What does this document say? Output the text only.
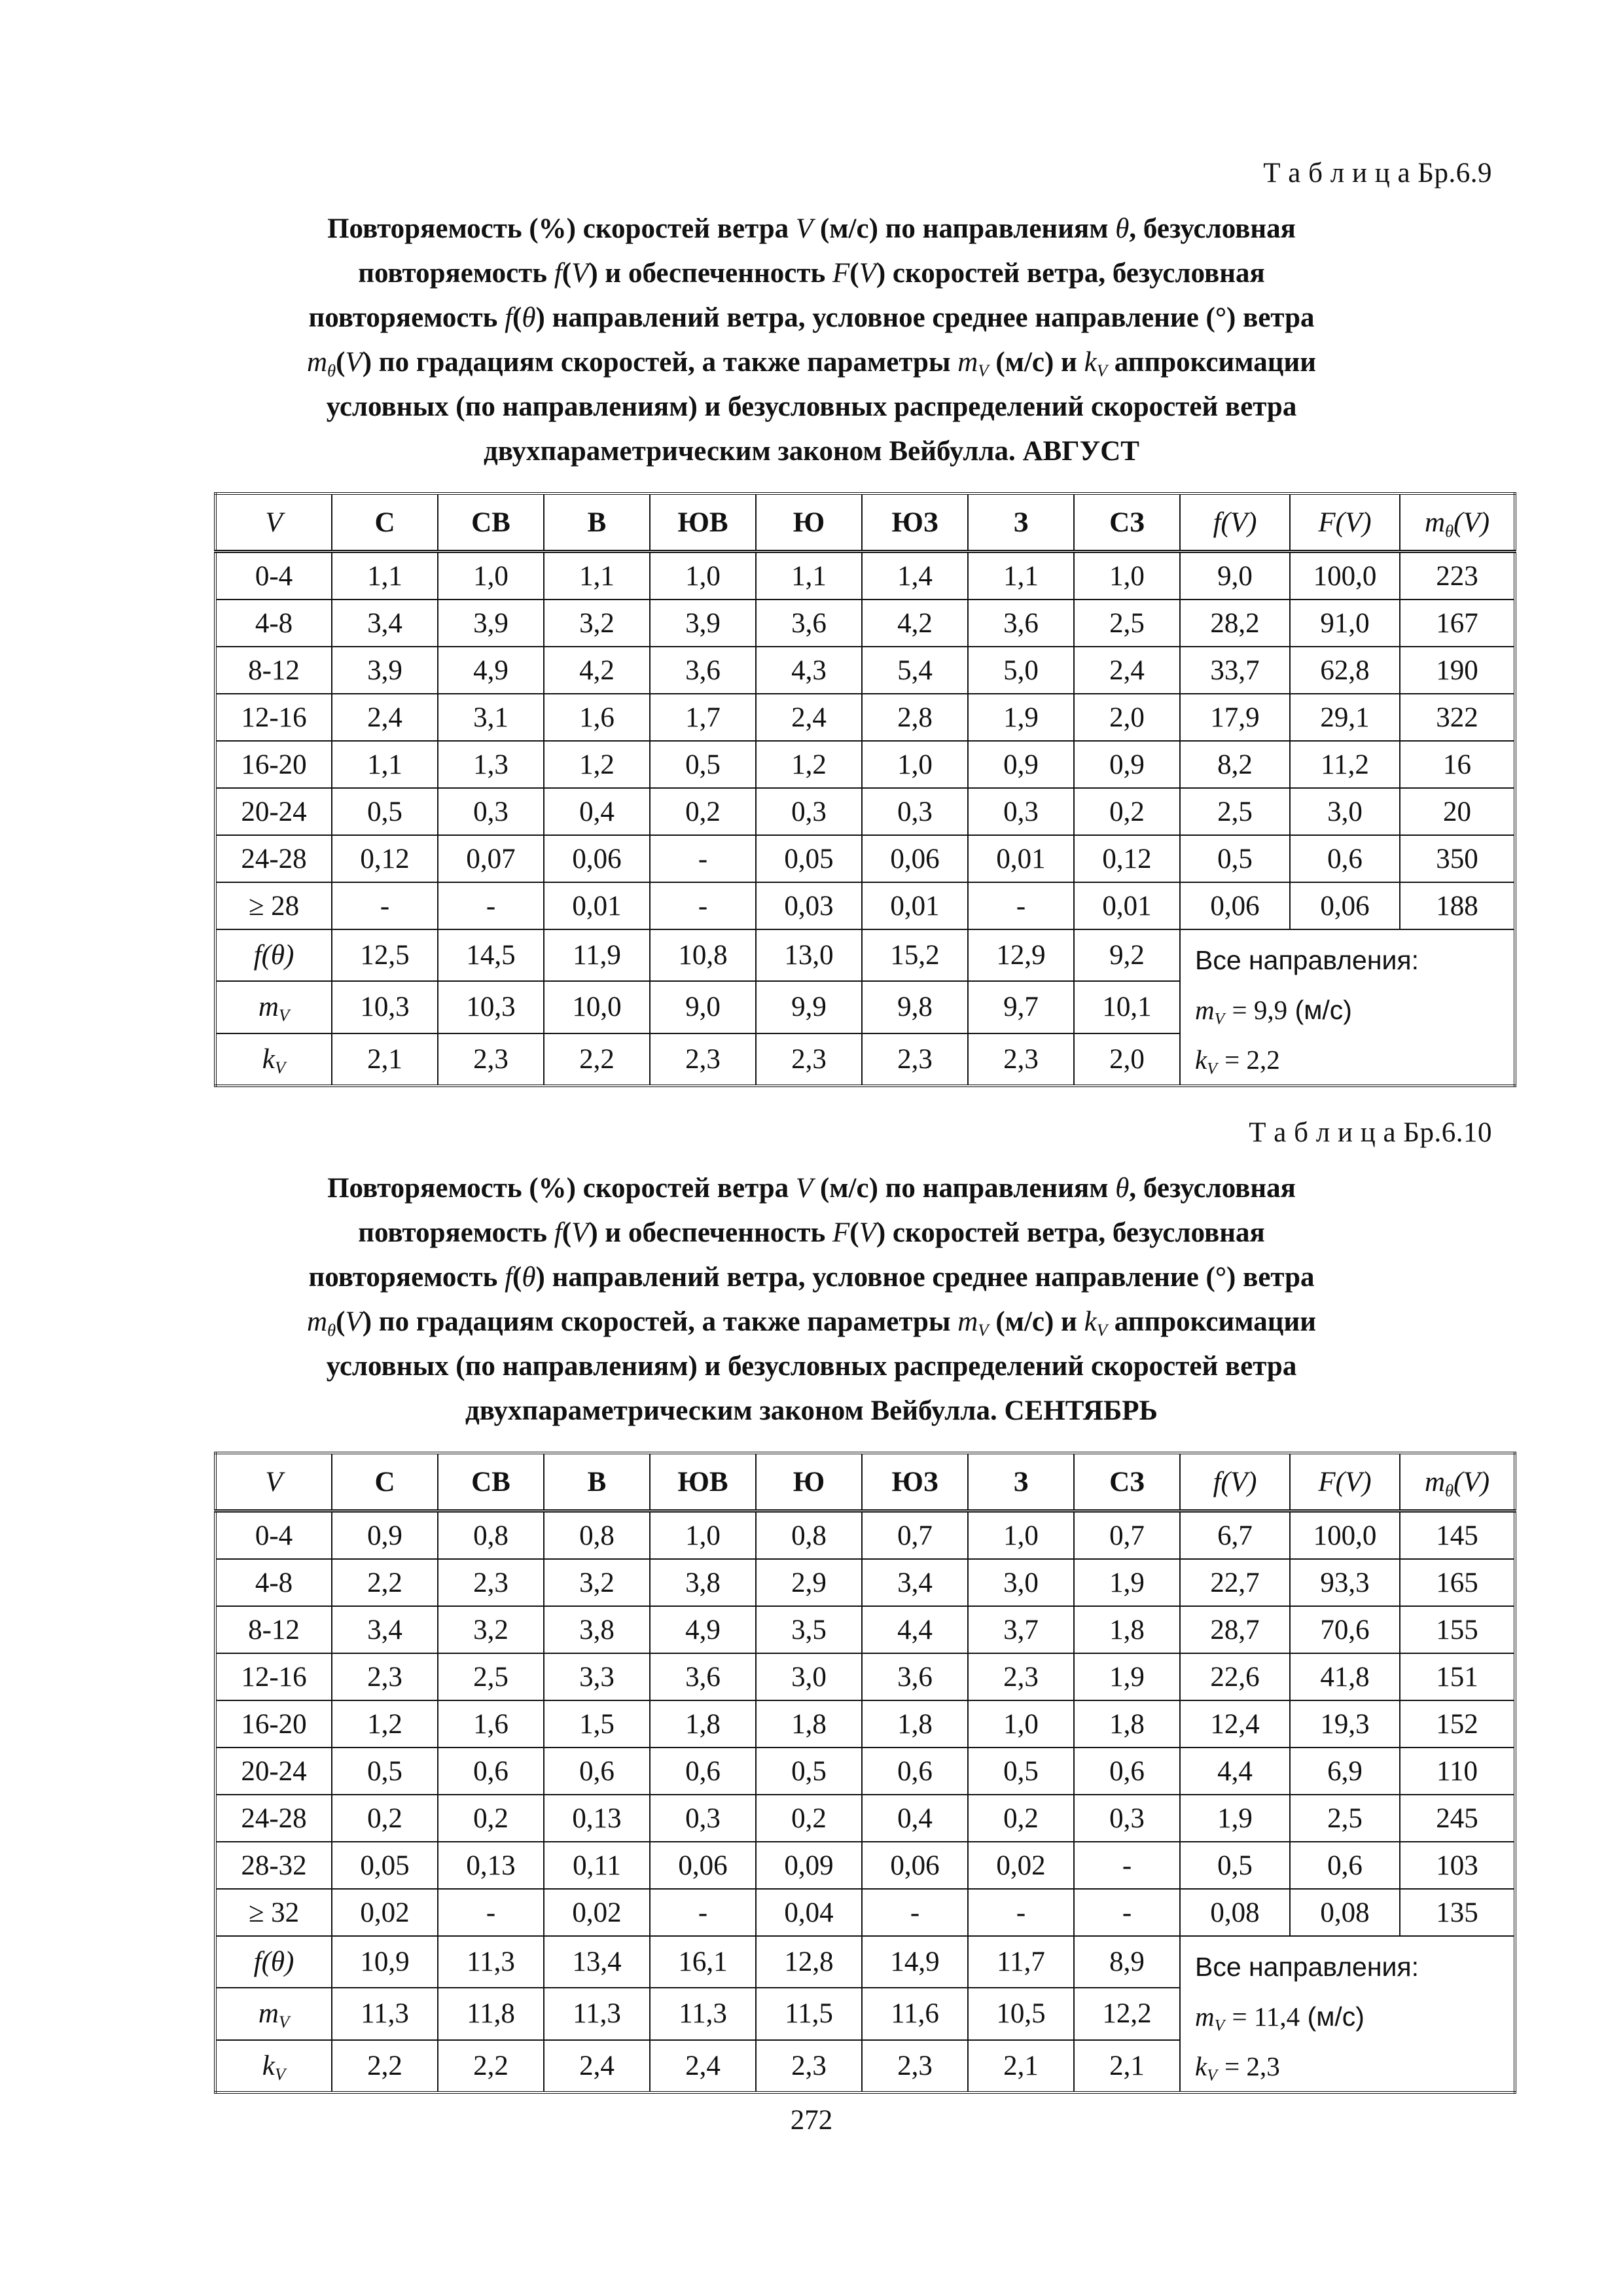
Т а б л и ц а Бр.6.9
Повторяемость (%) скоростей ветра V (м/с) по направлениям θ, безусловная
повторяемость f(V) и обеспеченность F(V) скоростей ветра, безусловная
повторяемость f(θ) направлений ветра, условное среднее направление (°) ветра
$m_\theta(V)$ по градациям скоростей, а также параметры $m_V$ (м/с) и $k_V$ аппроксимации
условных (по направлениям) и безусловных распределений скоростей ветра
двухпараметрическим законом Вейбулла. АВГУСТ
V	С	СВ	В	ЮВ	Ю	ЮЗ	З	СЗ	f(V)	F(V)	$m_\theta(V)$
0-4	1,1	1,0	1,1	1,0	1,1	1,4	1,1	1,0	9,0	100,0	223
4-8	3,4	3,9	3,2	3,9	3,6	4,2	3,6	2,5	28,2	91,0	167
8-12	3,9	4,9	4,2	3,6	4,3	5,4	5,0	2,4	33,7	62,8	190
12-16	2,4	3,1	1,6	1,7	2,4	2,8	1,9	2,0	17,9	29,1	322
16-20	1,1	1,3	1,2	0,5	1,2	1,0	0,9	0,9	8,2	11,2	16
20-24	0,5	0,3	0,4	0,2	0,3	0,3	0,3	0,2	2,5	3,0	20
24-28	0,12	0,07	0,06	-	0,05	0,06	0,01	0,12	0,5	0,6	350
≥ 28	-	-	0,01	-	0,03	0,01	-	0,01	0,06	0,06	188
f(θ)	12,5	14,5	11,9	10,8	13,0	15,2	12,9	9,2	Все направления:
$m_V = 9,9$ (м/с)
$k_V = 2,2$		

$m_V$	10,3	10,3	10,0	9,0	9,9	9,8	9,7	10,1			
$k_V$	2,1	2,3	2,2	2,3	2,3	2,3	2,3	2,0			
Т а б л и ц а Бр.6.10
Повторяемость (%) скоростей ветра V (м/с) по направлениям θ, безусловная
повторяемость f(V) и обеспеченность F(V) скоростей ветра, безусловная
повторяемость f(θ) направлений ветра, условное среднее направление (°) ветра
$m_\theta(V)$ по градациям скоростей, а также параметры $m_V$ (м/с) и $k_V$ аппроксимации
условных (по направлениям) и безусловных распределений скоростей ветра
двухпараметрическим законом Вейбулла. СЕНТЯБРЬ
V	С	СВ	В	ЮВ	Ю	ЮЗ	З	СЗ	f(V)	F(V)	$m_\theta(V)$
0-4	0,9	0,8	0,8	1,0	0,8	0,7	1,0	0,7	6,7	100,0	145
4-8	2,2	2,3	3,2	3,8	2,9	3,4	3,0	1,9	22,7	93,3	165
8-12	3,4	3,2	3,8	4,9	3,5	4,4	3,7	1,8	28,7	70,6	155
12-16	2,3	2,5	3,3	3,6	3,0	3,6	2,3	1,9	22,6	41,8	151
16-20	1,2	1,6	1,5	1,8	1,8	1,8	1,0	1,8	12,4	19,3	152
20-24	0,5	0,6	0,6	0,6	0,5	0,6	0,5	0,6	4,4	6,9	110
24-28	0,2	0,2	0,13	0,3	0,2	0,4	0,2	0,3	1,9	2,5	245
28-32	0,05	0,13	0,11	0,06	0,09	0,06	0,02	-	0,5	0,6	103
≥ 32	0,02	-	0,02	-	0,04	-	-	-	0,08	0,08	135
f(θ)	10,9	11,3	13,4	16,1	12,8	14,9	11,7	8,9	Все направления:
$m_V = 11,4$ (м/с)
$k_V = 2,3$		

$m_V$	11,3	11,8	11,3	11,3	11,5	11,6	10,5	12,2			
$k_V$	2,2	2,2	2,4	2,4	2,3	2,3	2,1	2,1			
272
